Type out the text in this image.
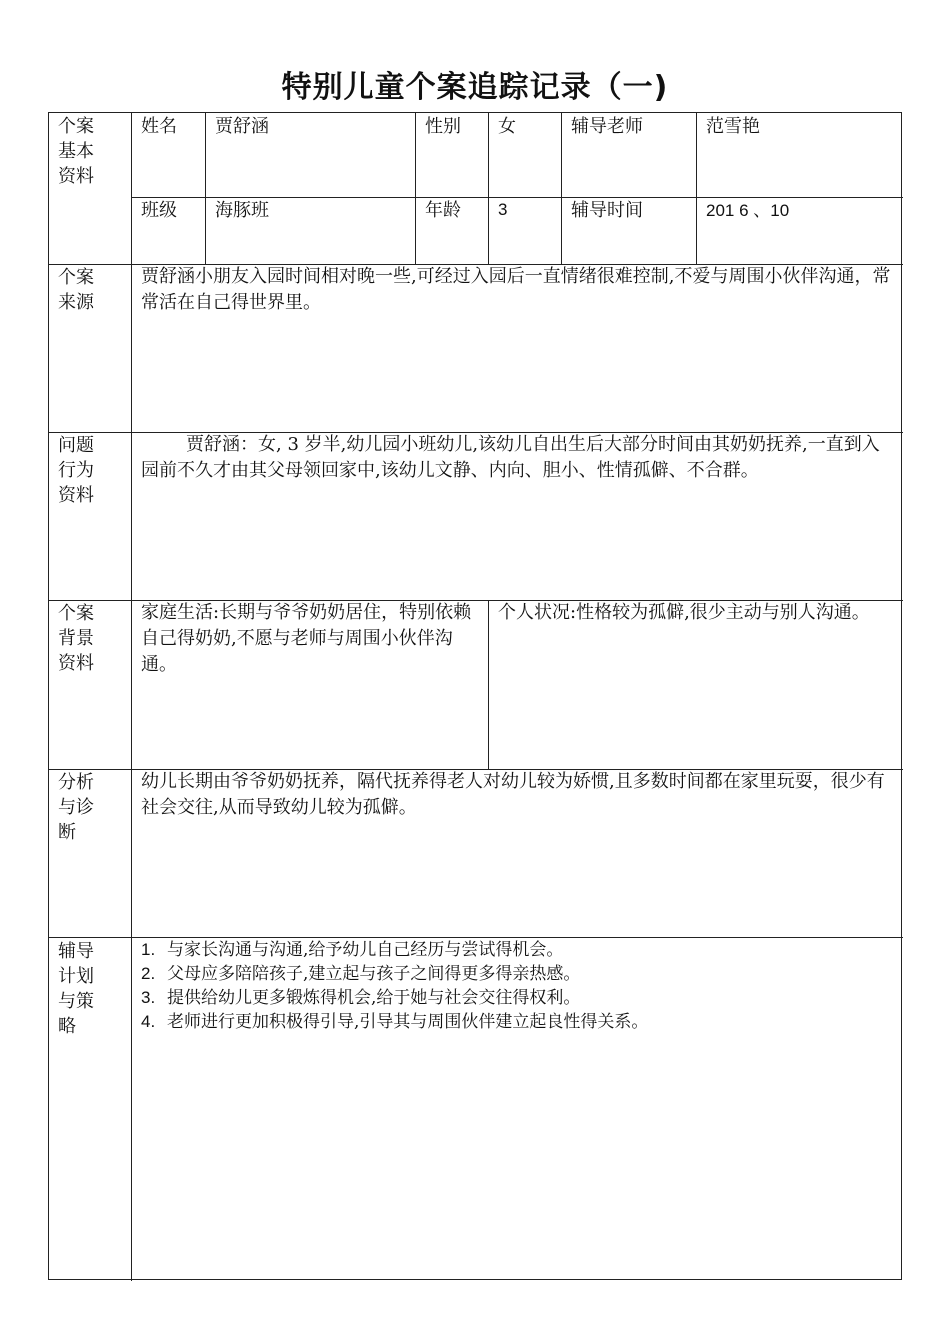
特别儿童个案追踪记录（一)
个案基本资料
姓名 贾舒涵	性别 女	辅导老师	范雪艳
班级 海豚班	年龄 3	辅导时间	201 6 、10
个案来源
贾舒涵小朋友入园时间相对晚一些,可经过入园后一直情绪很难控制,不爱与周围小伙伴沟通，常常活在自己得世界里。
问题行为资料
贾舒涵：女, 3 岁半,幼儿园小班幼儿,该幼儿自出生后大部分时间由其奶奶抚养,一直到入园前不久才由其父母领回家中,该幼儿文静、内向、胆小、性情孤僻、不合群。
个案背景资料
家庭生活:长期与爷爷奶奶居住，特别依赖自己得奶奶,不愿与老师与周围小伙伴沟通。
个人状况:性格较为孤僻,很少主动与别人沟通。
分析与诊断
幼儿长期由爷爷奶奶抚养，隔代抚养得老人对幼儿较为娇惯,且多数时间都在家里玩耍，很少有社会交往,从而导致幼儿较为孤僻。
辅导计划与策略
1. 与家长沟通与沟通,给予幼儿自己经历与尝试得机会。
2. 父母应多陪陪孩子,建立起与孩子之间得更多得亲热感。
3. 提供给幼儿更多锻炼得机会,给于她与社会交往得权利。
4. 老师进行更加积极得引导,引导其与周围伙伴建立起良性得关系。
